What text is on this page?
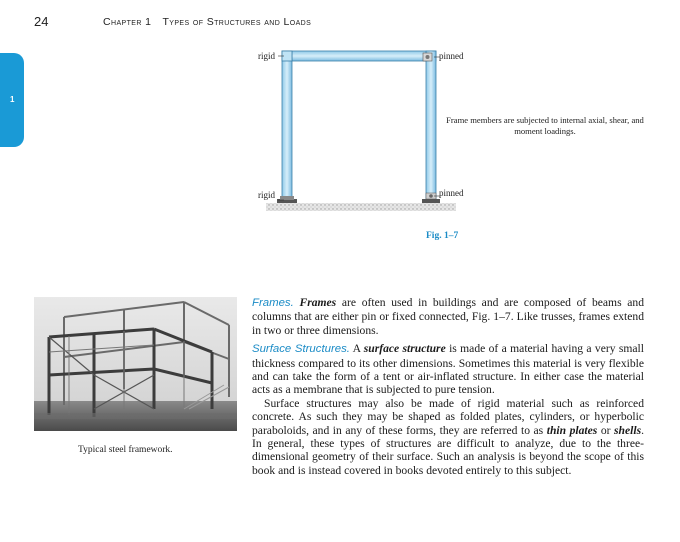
24	Chapter 1 Types of Structures and Loads
1
rigid	pinned
rigid	pinned
Frame members are subjected to internal axial, shear, and moment loadings.
Fig. 1–7
Typical steel framework.

Frames. Frames are often used in buildings and are composed of beams and columns that are either pin or fixed connected, Fig. 1–7. Like trusses, frames extend in two or three dimensions.

Surface Structures. A surface structure is made of a material having a very small thickness compared to its other dimensions. Sometimes this material is very flexible and can take the form of a tent or air-inflated structure. In either case the material acts as a membrane that is subjected to pure tension.

Surface structures may also be made of rigid material such as reinforced concrete. As such they may be shaped as folded plates, cylinders, or hyperbolic paraboloids, and in any of these forms, they are referred to as thin plates or shells. In general, these types of structures are difficult to analyze, due to the three-dimensional geometry of their surface. Such an analysis is beyond the scope of this book and is instead covered in books devoted entirely to this subject.
